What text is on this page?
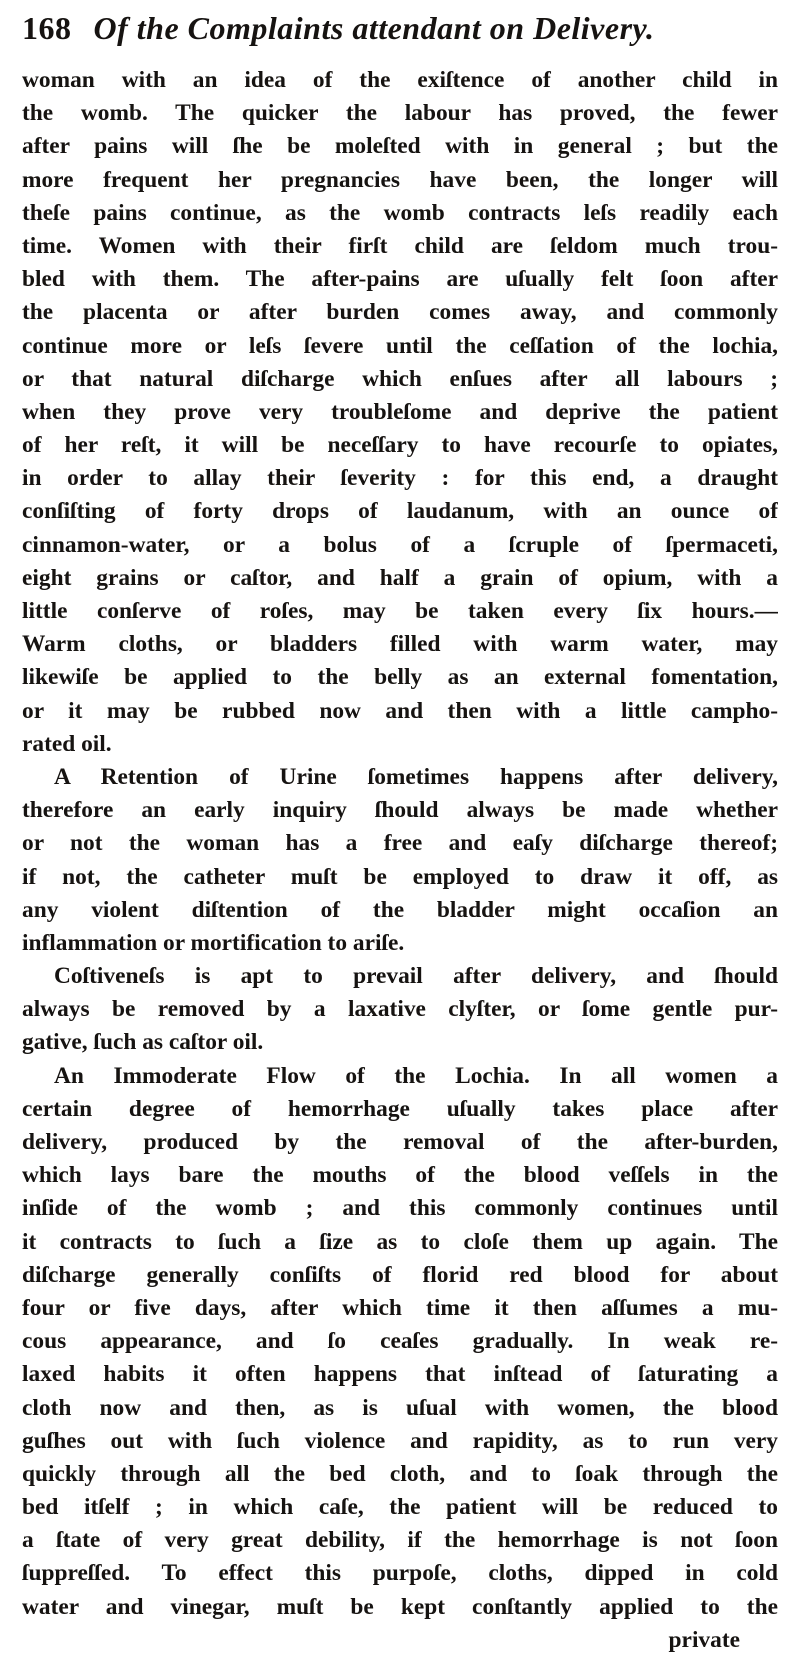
168 Of the Complaints attendant on Delivery.
woman with an idea of the exiſtence of another child in
the womb. The quicker the labour has proved, the fewer
after pains will ſhe be moleſted with in general ; but the
more frequent her pregnancies have been, the longer will
theſe pains continue, as the womb contracts leſs readily each
time. Women with their firſt child are ſeldom much trou-
bled with them. The after-pains are uſually felt ſoon after
the placenta or after burden comes away, and commonly
continue more or leſs ſevere until the ceſſation of the lochia,
or that natural diſcharge which enſues after all labours ;
when they prove very troubleſome and deprive the patient
of her reſt, it will be neceſſary to have recourſe to opiates,
in order to allay their ſeverity : for this end, a draught
conſiſting of forty drops of laudanum, with an ounce of
cinnamon-water, or a bolus of a ſcruple of ſpermaceti,
eight grains or caſtor, and half a grain of opium, with a
little conſerve of roſes, may be taken every ſix hours.—
Warm cloths, or bladders filled with warm water, may
likewiſe be applied to the belly as an external fomentation,
or it may be rubbed now and then with a little campho-
rated oil.
A Retention of Urine ſometimes happens after delivery,
therefore an early inquiry ſhould always be made whether
or not the woman has a free and eaſy diſcharge thereof;
if not, the catheter muſt be employed to draw it off, as
any violent diſtention of the bladder might occaſion an
inflammation or mortification to ariſe.
Coſtiveneſs is apt to prevail after delivery, and ſhould
always be removed by a laxative clyſter, or ſome gentle pur-
gative, ſuch as caſtor oil.
An Immoderate Flow of the Lochia. In all women a
certain degree of hemorrhage uſually takes place after
delivery, produced by the removal of the after-burden,
which lays bare the mouths of the blood veſſels in the
inſide of the womb ; and this commonly continues until
it contracts to ſuch a ſize as to cloſe them up again. The
diſcharge generally conſiſts of florid red blood for about
four or five days, after which time it then aſſumes a mu-
cous appearance, and ſo ceaſes gradually. In weak re-
laxed habits it often happens that inſtead of ſaturating a
cloth now and then, as is uſual with women, the blood
guſhes out with ſuch violence and rapidity, as to run very
quickly through all the bed cloth, and to ſoak through the
bed itſelf ; in which caſe, the patient will be reduced to
a ſtate of very great debility, if the hemorrhage is not ſoon
ſuppreſſed. To effect this purpoſe, cloths, dipped in cold
water and vinegar, muſt be kept conſtantly applied to the
private
